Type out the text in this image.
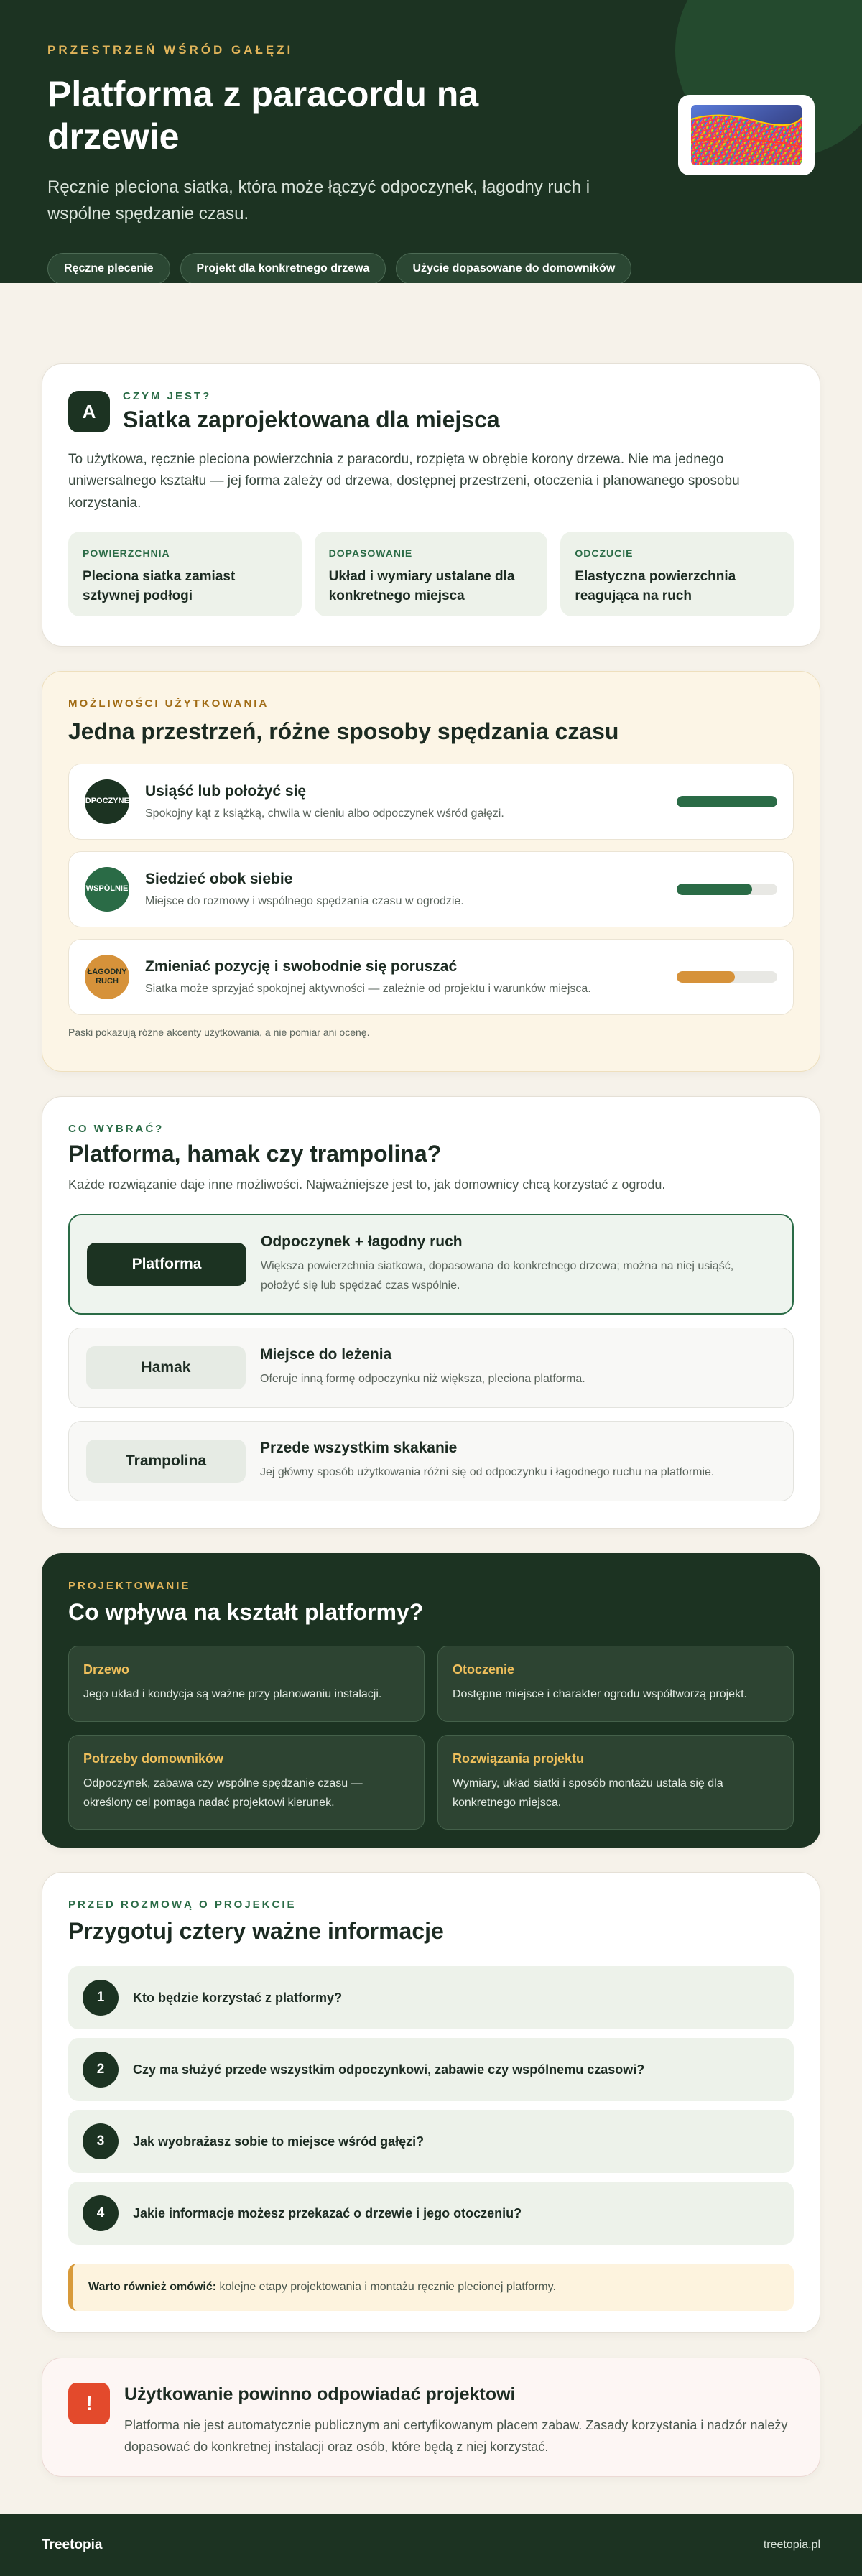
PRZESTRZEŃ WŚRÓD GAŁĘZI
Platforma z paracordu na drzewie

Ręcznie pleciona siatka, która może łączyć odpoczynek, łagodny ruch i wspólne spędzanie czasu.

Ręczne plecenie	Projekt dla konkretnego drzewa	Użycie dopasowane do domowników
A
CZYM JEST?
Siatka zaprojektowana dla miejsca

To użytkowa, ręcznie pleciona powierzchnia z paracordu, rozpięta w obrębie korony drzewa. Nie ma jednego uniwersalnego kształtu — jej forma zależy od drzewa, dostępnej przestrzeni, otoczenia i planowanego sposobu korzystania.

POWIERZCHNIA
Pleciona siatka zamiast sztywnej podłogi
DOPASOWANIE
Układ i wymiary ustalane dla konkretnego miejsca
ODCZUCIE
Elastyczna powierzchnia reagująca na ruch
MOŻLIWOŚCI UŻYTKOWANIA
Jedna przestrzeń, różne sposoby spędzania czasu
ODPOCZYNEK
Usiąść lub położyć się
Spokojny kąt z książką, chwila w cieniu albo odpoczynek wśród gałęzi.
WSPÓLNIE
Siedzieć obok siebie
Miejsce do rozmowy i wspólnego spędzania czasu w ogrodzie.
ŁAGODNY RUCH
Zmieniać pozycję i swobodnie się poruszać
Siatka może sprzyjać spokojnej aktywności — zależnie od projektu i warunków miejsca.

Paski pokazują różne akcenty użytkowania, a nie pomiar ani ocenę.

CO WYBRAĆ?
Platforma, hamak czy trampolina?

Każde rozwiązanie daje inne możliwości. Najważniejsze jest to, jak domownicy chcą korzystać z ogrodu.

Platforma
Odpoczynek + łagodny ruch
Większa powierzchnia siatkowa, dopasowana do konkretnego drzewa; można na niej usiąść, położyć się lub spędzać czas wspólnie.
Hamak
Miejsce do leżenia
Oferuje inną formę odpoczynku niż większa, pleciona platforma.
Trampolina
Przede wszystkim skakanie
Jej główny sposób użytkowania różni się od odpoczynku i łagodnego ruchu na platformie.
PROJEKTOWANIE
Co wpływa na kształt platformy?
Drzewo
Jego układ i kondycja są ważne przy planowaniu instalacji.
Otoczenie
Dostępne miejsce i charakter ogrodu współtworzą projekt.
Potrzeby domowników
Odpoczynek, zabawa czy wspólne spędzanie czasu — określony cel pomaga nadać projektowi kierunek.
Rozwiązania projektu
Wymiary, układ siatki i sposób montażu ustala się dla konkretnego miejsca.
PRZED ROZMOWĄ O PROJEKCIE
Przygotuj cztery ważne informacje
1	Kto będzie korzystać z platformy?
2	Czy ma służyć przede wszystkim odpoczynkowi, zabawie czy wspólnemu czasowi?
3	Jak wyobrażasz sobie to miejsce wśród gałęzi?
4	Jakie informacje możesz przekazać o drzewie i jego otoczeniu?
Warto również omówić: kolejne etapy projektowania i montażu ręcznie plecionej platformy.
!	Użytkowanie powinno odpowiadać projektowi

Platforma nie jest automatycznie publicznym ani certyfikowanym placem zabaw. Zasady korzystania i nadzór należy dopasować do konkretnej instalacji oraz osób, które będą z niej korzystać.

Treetopia	treetopia.pl
